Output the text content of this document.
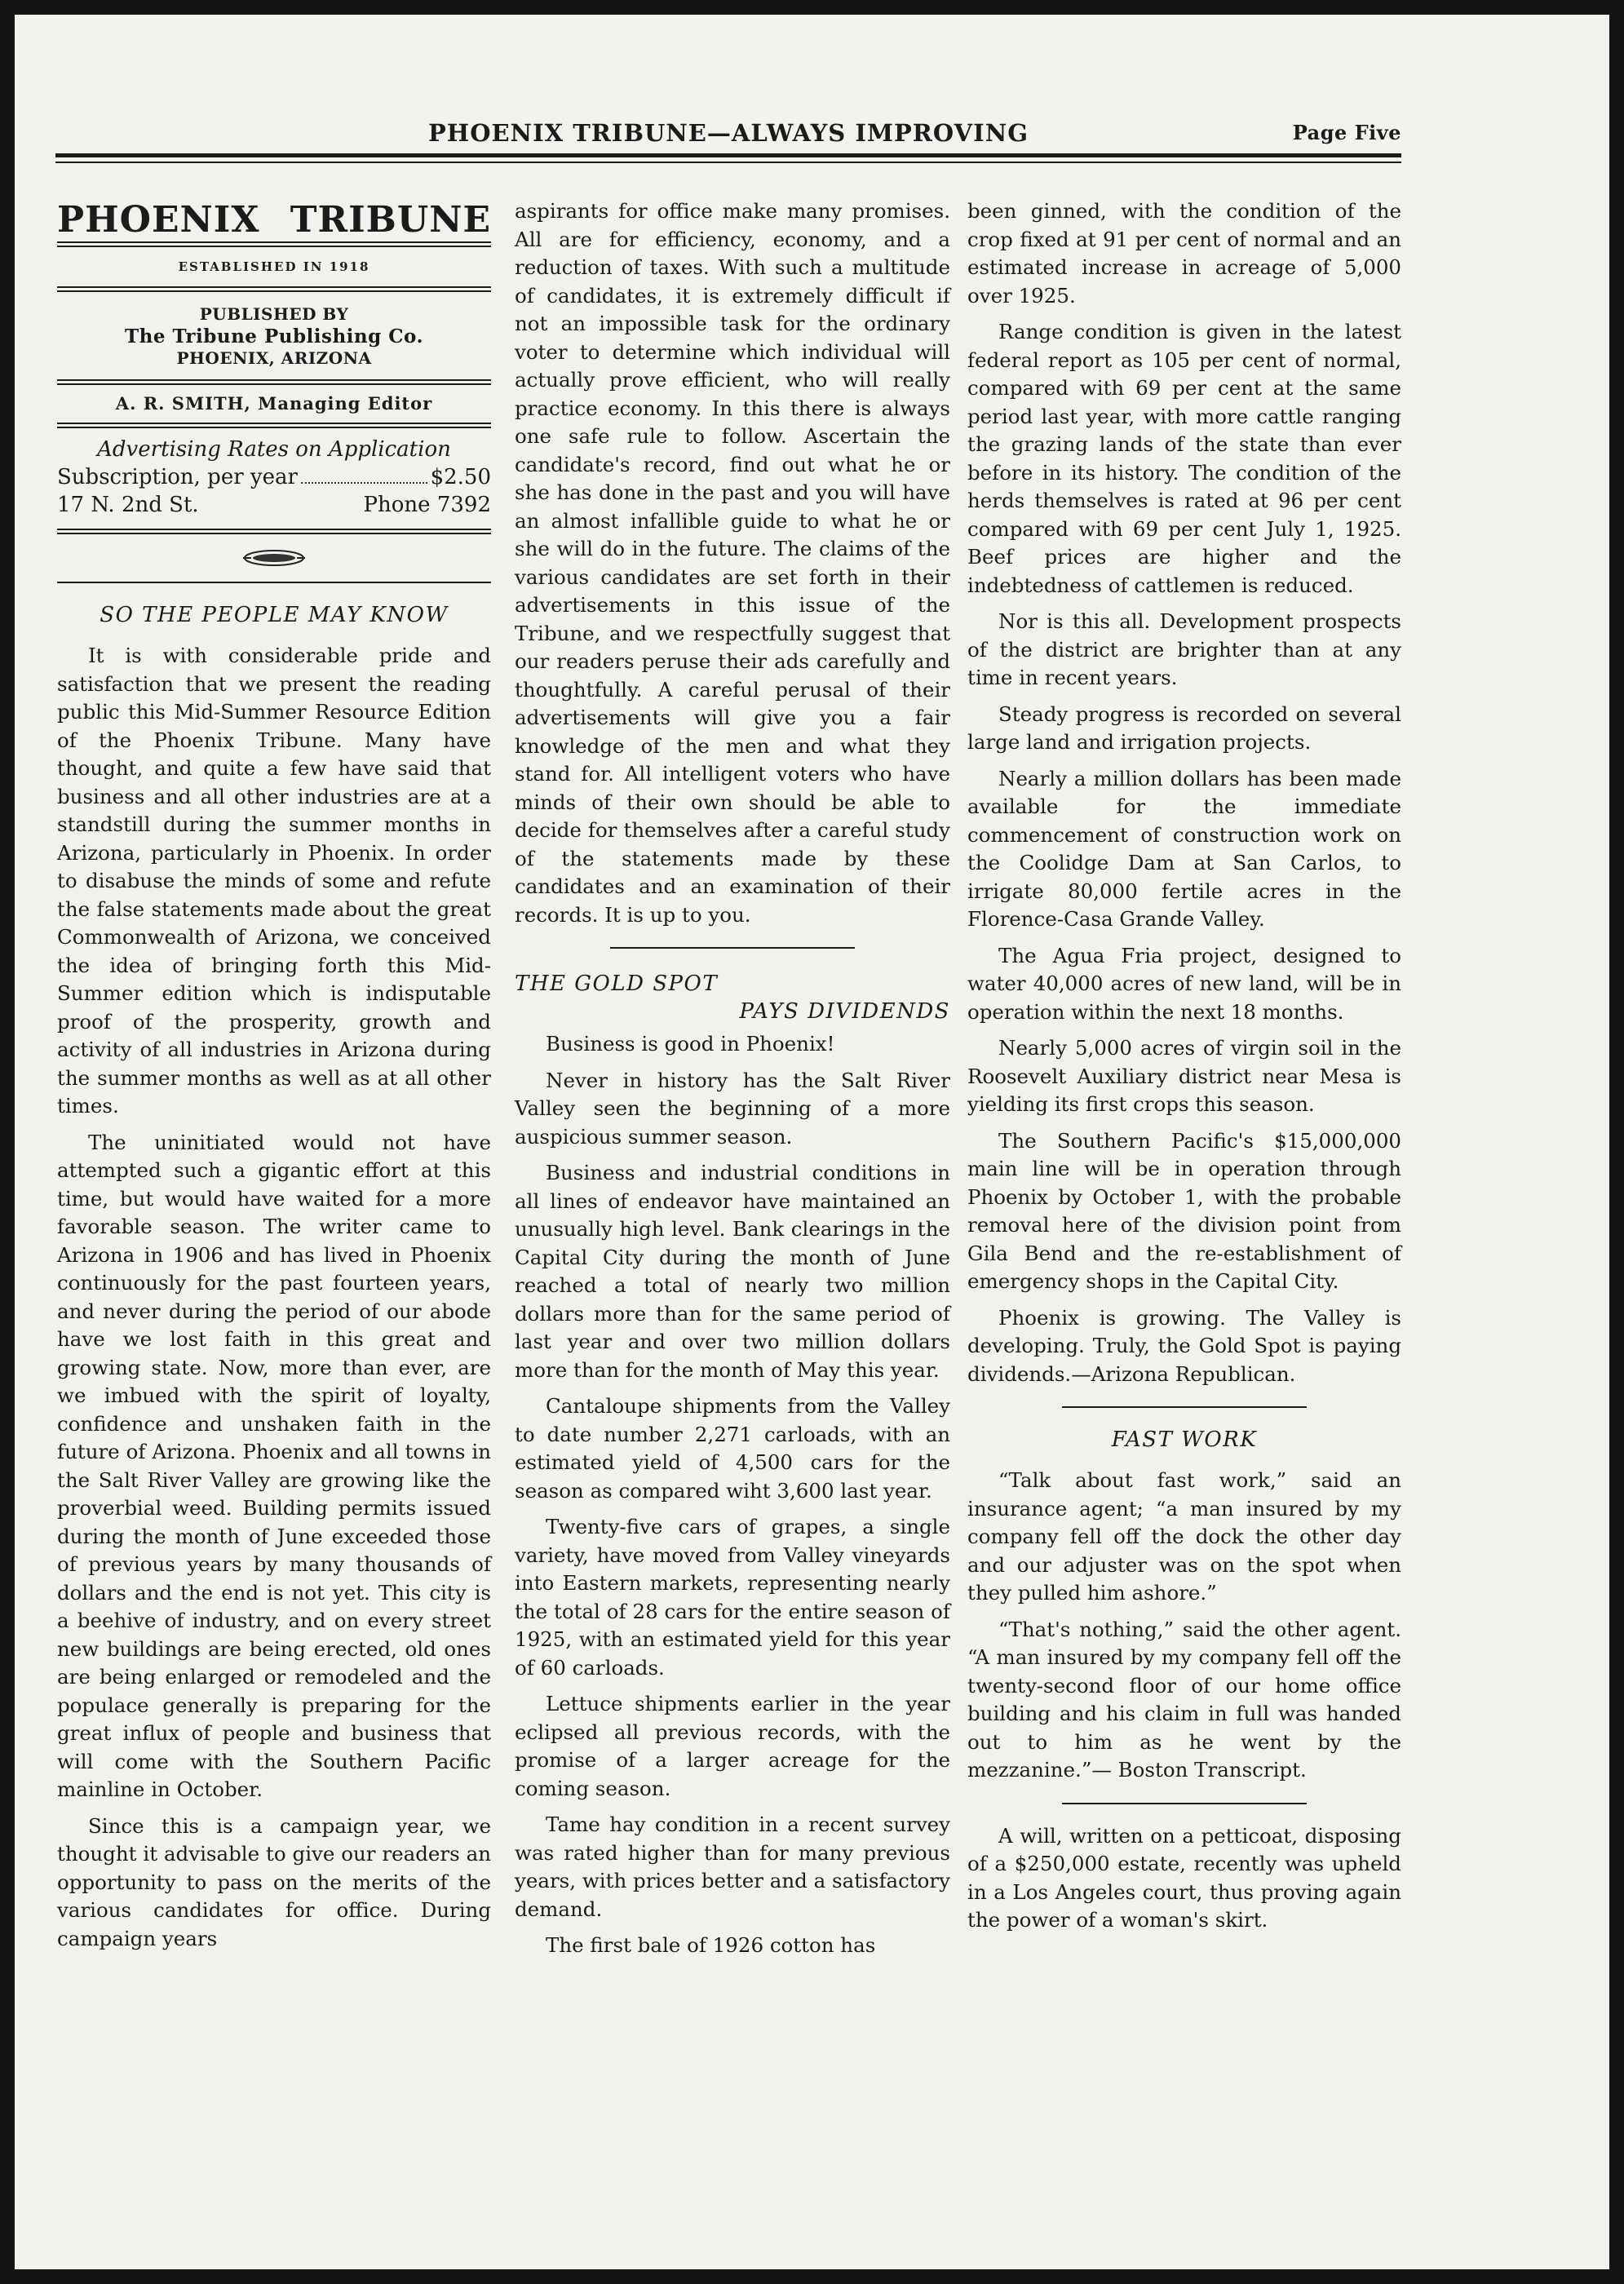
PHOENIX TRIBUNE—ALWAYS IMPROVING	Page Five
PHOENIX TRIBUNE
ESTABLISHED IN 1918
PUBLISHED BY
The Tribune Publishing Co.
PHOENIX, ARIZONA
A. R. SMITH, Managing Editor
Advertising Rates on Application
Subscription, per year	$2.50
17 N. 2nd St.	Phone 7392
SO THE PEOPLE MAY KNOW

It is with considerable pride and satisfaction that we present the reading public this Mid-Summer Resource Edition of the Phoenix Tribune. Many have thought, and quite a few have said that business and all other industries are at a standstill during the summer months in Arizona, particularly in Phoenix. In order to disabuse the minds of some and refute the false statements made about the great Commonwealth of Arizona, we conceived the idea of bringing forth this Mid-Summer edition which is indisputable proof of the prosperity, growth and activity of all industries in Arizona during the summer months as well as at all other times.

The uninitiated would not have attempted such a gigantic effort at this time, but would have waited for a more favorable season. The writer came to Arizona in 1906 and has lived in Phoenix continuously for the past fourteen years, and never during the period of our abode have we lost faith in this great and growing state. Now, more than ever, are we imbued with the spirit of loyalty, confidence and unshaken faith in the future of Arizona. Phoenix and all towns in the Salt River Valley are growing like the proverbial weed. Building permits issued during the month of June exceeded those of previous years by many thousands of dollars and the end is not yet. This city is a beehive of industry, and on every street new buildings are being erected, old ones are being enlarged or remodeled and the populace generally is preparing for the great influx of people and business that will come with the Southern Pacific mainline in October.

Since this is a campaign year, we thought it advisable to give our readers an opportunity to pass on the merits of the various candidates for office. During campaign years

aspirants for office make many promises. All are for efficiency, economy, and a reduction of taxes. With such a multitude of candidates, it is extremely difficult if not an impossible task for the ordinary voter to determine which individual will actually prove efficient, who will really practice economy. In this there is always one safe rule to follow. Ascertain the candidate's record, find out what he or she has done in the past and you will have an almost infallible guide to what he or she will do in the future. The claims of the various candidates are set forth in their advertisements in this issue of the Tribune, and we respectfully suggest that our readers peruse their ads carefully and thoughtfully. A careful perusal of their advertisements will give you a fair knowledge of the men and what they stand for. All intelligent voters who have minds of their own should be able to decide for themselves after a careful study of the statements made by these candidates and an examination of their records. It is up to you.

THE GOLD SPOT
PAYS DIVIDENDS

Business is good in Phoenix!

Never in history has the Salt River Valley seen the beginning of a more auspicious summer season.

Business and industrial conditions in all lines of endeavor have maintained an unusually high level. Bank clearings in the Capital City during the month of June reached a total of nearly two million dollars more than for the same period of last year and over two million dollars more than for the month of May this year.

Cantaloupe shipments from the Valley to date number 2,271 carloads, with an estimated yield of 4,500 cars for the season as compared wiht 3,600 last year.

Twenty-five cars of grapes, a single variety, have moved from Valley vineyards into Eastern markets, representing nearly the total of 28 cars for the entire season of 1925, with an estimated yield for this year of 60 carloads.

Lettuce shipments earlier in the year eclipsed all previous records, with the promise of a larger acreage for the coming season.

Tame hay condition in a recent survey was rated higher than for many previous years, with prices better and a satisfactory demand.

The first bale of 1926 cotton has

been ginned, with the condition of the crop fixed at 91 per cent of normal and an estimated increase in acreage of 5,000 over 1925.

Range condition is given in the latest federal report as 105 per cent of normal, compared with 69 per cent at the same period last year, with more cattle ranging the grazing lands of the state than ever before in its history. The condition of the herds themselves is rated at 96 per cent compared with 69 per cent July 1, 1925. Beef prices are higher and the indebtedness of cattlemen is reduced.

Nor is this all. Development prospects of the district are brighter than at any time in recent years.

Steady progress is recorded on several large land and irrigation projects.

Nearly a million dollars has been made available for the immediate commencement of construction work on the Coolidge Dam at San Carlos, to irrigate 80,000 fertile acres in the Florence-Casa Grande Valley.

The Agua Fria project, designed to water 40,000 acres of new land, will be in operation within the next 18 months.

Nearly 5,000 acres of virgin soil in the Roosevelt Auxiliary district near Mesa is yielding its first crops this season.

The Southern Pacific's $15,000,000 main line will be in operation through Phoenix by October 1, with the probable removal here of the division point from Gila Bend and the re-establishment of emergency shops in the Capital City.

Phoenix is growing. The Valley is developing. Truly, the Gold Spot is paying dividends.—Arizona Republican.

FAST WORK

“Talk about fast work,” said an insurance agent; “a man insured by my company fell off the dock the other day and our adjuster was on the spot when they pulled him ashore.”

“That's nothing,” said the other agent. “A man insured by my company fell off the twenty-second floor of our home office building and his claim in full was handed out to him as he went by the mezzanine.”— Boston Transcript.

A will, written on a petticoat, disposing of a $250,000 estate, recently was upheld in a Los Angeles court, thus proving again the power of a woman's skirt.
